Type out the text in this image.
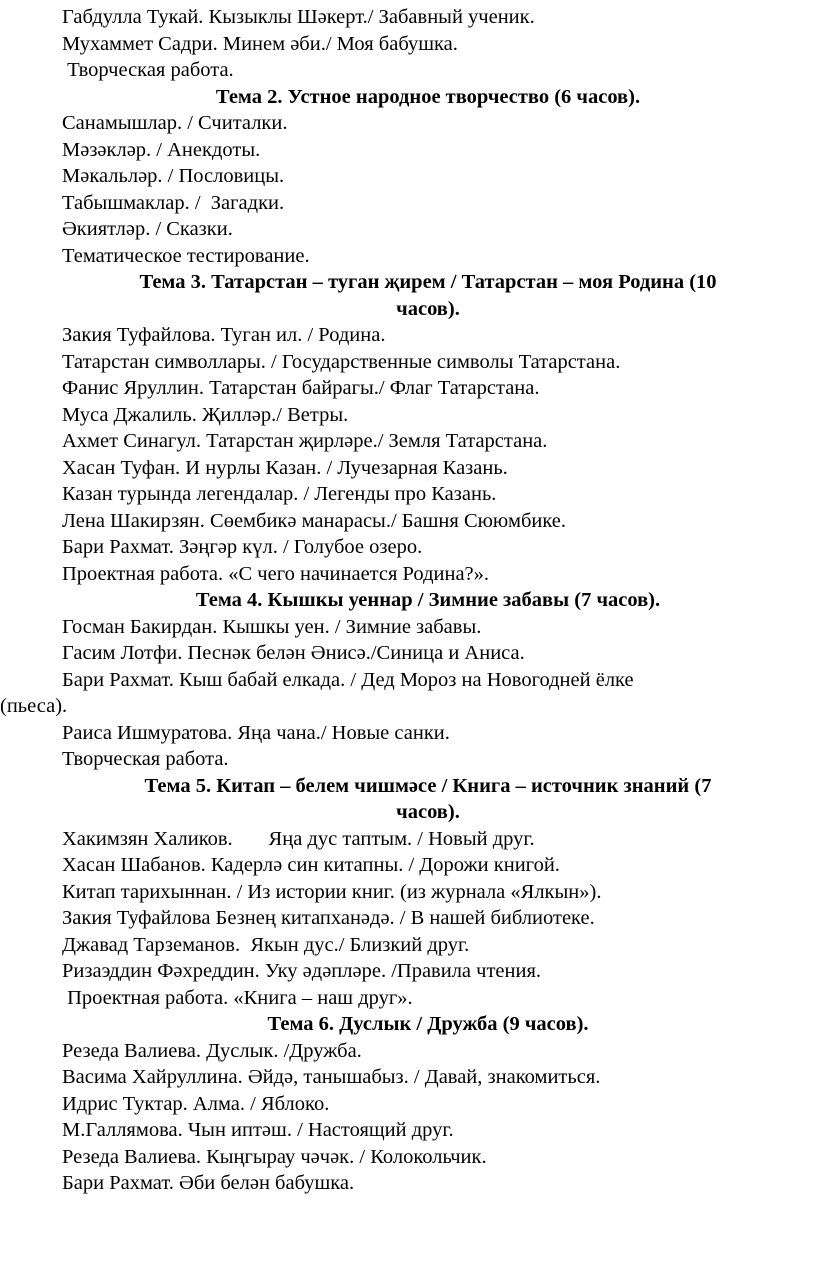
Габдулла Тукай. Кызыклы Шәкерт./ Забавный ученик.
Мухаммет Садри. Минем әби./ Моя бабушка.
Творческая работа.
Тема 2. Устное народное творчество (6 часов).
Санамышлар. / Считалки.
Мәзәкләр. / Анекдоты.
Мәкальләр. / Пословицы.
Табышмаклар. /  Загадки.
Әкиятләр. / Сказки.
Тематическое тестирование.
Тема 3. Татарстан – туган җирем / Татарстан – моя Родина (10
часов).
Закия Туфайлова. Туган ил. / Родина.
Татарстан символлары. / Государственные символы Татарстана.
Фанис Яруллин. Татарстан байрагы./ Флаг Татарстана.
Муса Джалиль. Җилләр./ Ветры.
Ахмет Синагул. Татарстан җирләре./ Земля Татарстана.
Хасан Туфан. И нурлы Казан. / Лучезарная Казань.
Казан турында легендалар. / Легенды про Казань.
Лена Шакирзян. Сөембикә манарасы./ Башня Сююмбике.
Бари Рахмат. Зәңгәр күл. / Голубое озеро.
Проектная работа. «С чего начинается Родина?».
Тема 4. Кышкы уеннар / Зимние забавы (7 часов).
Госман Бакирдан. Кышкы уен. / Зимние забавы.
Гасим Лотфи. Песнәк белән Әнисә./Синица и Аниса.
Бари Рахмат. Кыш бабай елкада. / Дед Мороз на Новогодней ёлке
(пьеса).
Раиса Ишмуратова. Яңа чана./ Новые санки.
Творческая работа.
Тема 5. Китап – белем чишмәсе / Книга – источник знаний (7
часов).
Хакимзян Халиков.       Яңа дус таптым. / Новый друг.
Хасан Шабанов. Кадерлә син китапны. / Дорожи книгой.
Китап тарихыннан. / Из истории книг. (из журнала «Ялкын»).
Закия Туфайлова Безнең китапханәдә. / В нашей библиотеке.
Джавад Тарземанов.  Якын дус./ Близкий друг.
Ризаэддин Фәхреддин. Уку әдәпләре. /Правила чтения.
Проектная работа. «Книга – наш друг».
Тема 6. Дуслык / Дружба (9 часов).
Резеда Валиева. Дуслык. /Дружба.
Васима Хайруллина. Әйдә, танышабыз. / Давай, знакомиться.
Идрис Туктар. Алма. / Яблоко.
М.Галлямова. Чын иптәш. / Настоящий друг.
Резеда Валиева. Кыңгырау чәчәк. / Колокольчик.
Бари Рахмат. Әби белән бабушка.
